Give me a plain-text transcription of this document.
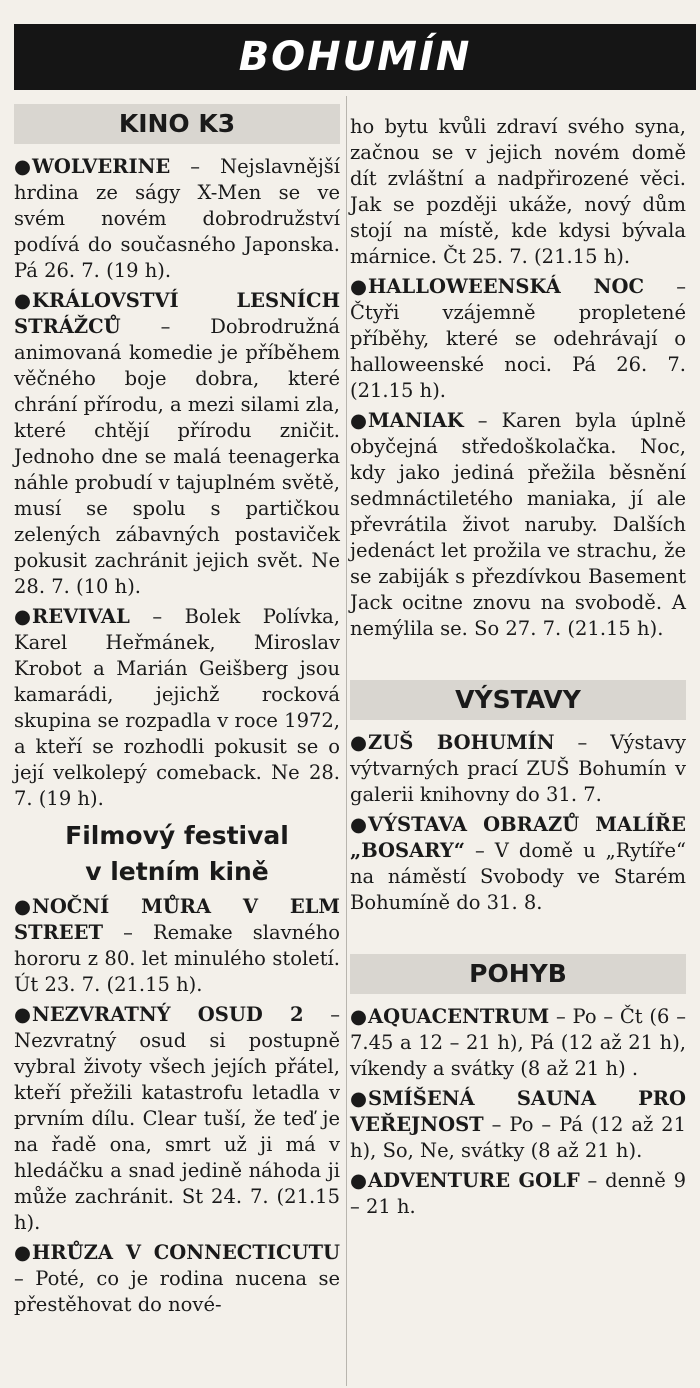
BOHUMÍN
KINO K3

●WOLVERINE – Nejslavnější hrdina ze ságy X-Men se ve svém novém dobrodružství podívá do současného Japonska. Pá 26. 7. (19 h).

●KRÁLOVSTVÍ LESNÍCH STRÁŽCŮ – Dobrodružná animovaná komedie je příběhem věčného boje dobra, které chrání přírodu, a mezi silami zla, které chtějí přírodu zničit. Jednoho dne se malá teenagerka náhle probudí v tajuplném světě, musí se spolu s partičkou zelených zábavných postaviček pokusit zachránit jejich svět. Ne 28. 7. (10 h).

●REVIVAL – Bolek Polívka, Karel Heřmánek, Miroslav Krobot a Marián Geišberg jsou kamarádi, jejichž rocková skupina se rozpadla v roce 1972, a kteří se rozhodli pokusit se o její velkolepý comeback. Ne 28. 7. (19 h).

Filmový festival
v letním kině

●NOČNÍ MŮRA V ELM STREET – Remake slavného hororu z 80. let minulého století. Út 23. 7. (21.15 h).

●NEZVRATNÝ OSUD 2 – Nezvratný osud si postupně vybral životy všech jejích přátel, kteří přežili katastrofu letadla v prvním dílu. Clear tuší, že teď je na řadě ona, smrt už ji má v hledáčku a snad jedině náhoda ji může zachránit. St 24. 7. (21.15 h).

●HRŮZA V CONNECTICUTU – Poté, co je rodina nucena se přestěhovat do nové-

ho bytu kvůli zdraví svého syna, začnou se v jejich novém domě dít zvláštní a nadpřirozené věci. Jak se později ukáže, nový dům stojí na místě, kde kdysi bývala márnice. Čt 25. 7. (21.15 h).

●HALLOWEENSKÁ NOC – Čtyři vzájemně propletené příběhy, které se odehrávají o halloweenské noci. Pá 26. 7. (21.15 h).

●MANIAK – Karen byla úplně obyčejná středoškolačka. Noc, kdy jako jediná přežila běsnění sedmnáctiletého maniaka, jí ale převrátila život naruby. Dalších jedenáct let prožila ve strachu, že se zabiják s přezdívkou Basement Jack ocitne znovu na svobodě. A nemýlila se. So 27. 7. (21.15 h).

VÝSTAVY

●ZUŠ BOHUMÍN – Výstavy výtvarných prací ZUŠ Bohumín v galerii knihovny do 31. 7.

●VÝSTAVA OBRAZŮ MALÍŘE „BOSARY“ – V domě u „Rytíře“ na náměstí Svobody ve Starém Bohumíně do 31. 8.

POHYB

●AQUACENTRUM – Po – Čt (6 – 7.45 a 12 – 21 h), Pá (12 až 21 h), víkendy a svátky (8 až 21 h) .

●SMÍŠENÁ SAUNA PRO VEŘEJNOST – Po – Pá (12 až 21 h), So, Ne, svátky (8 až 21 h).

●ADVENTURE GOLF – denně 9 – 21 h.
